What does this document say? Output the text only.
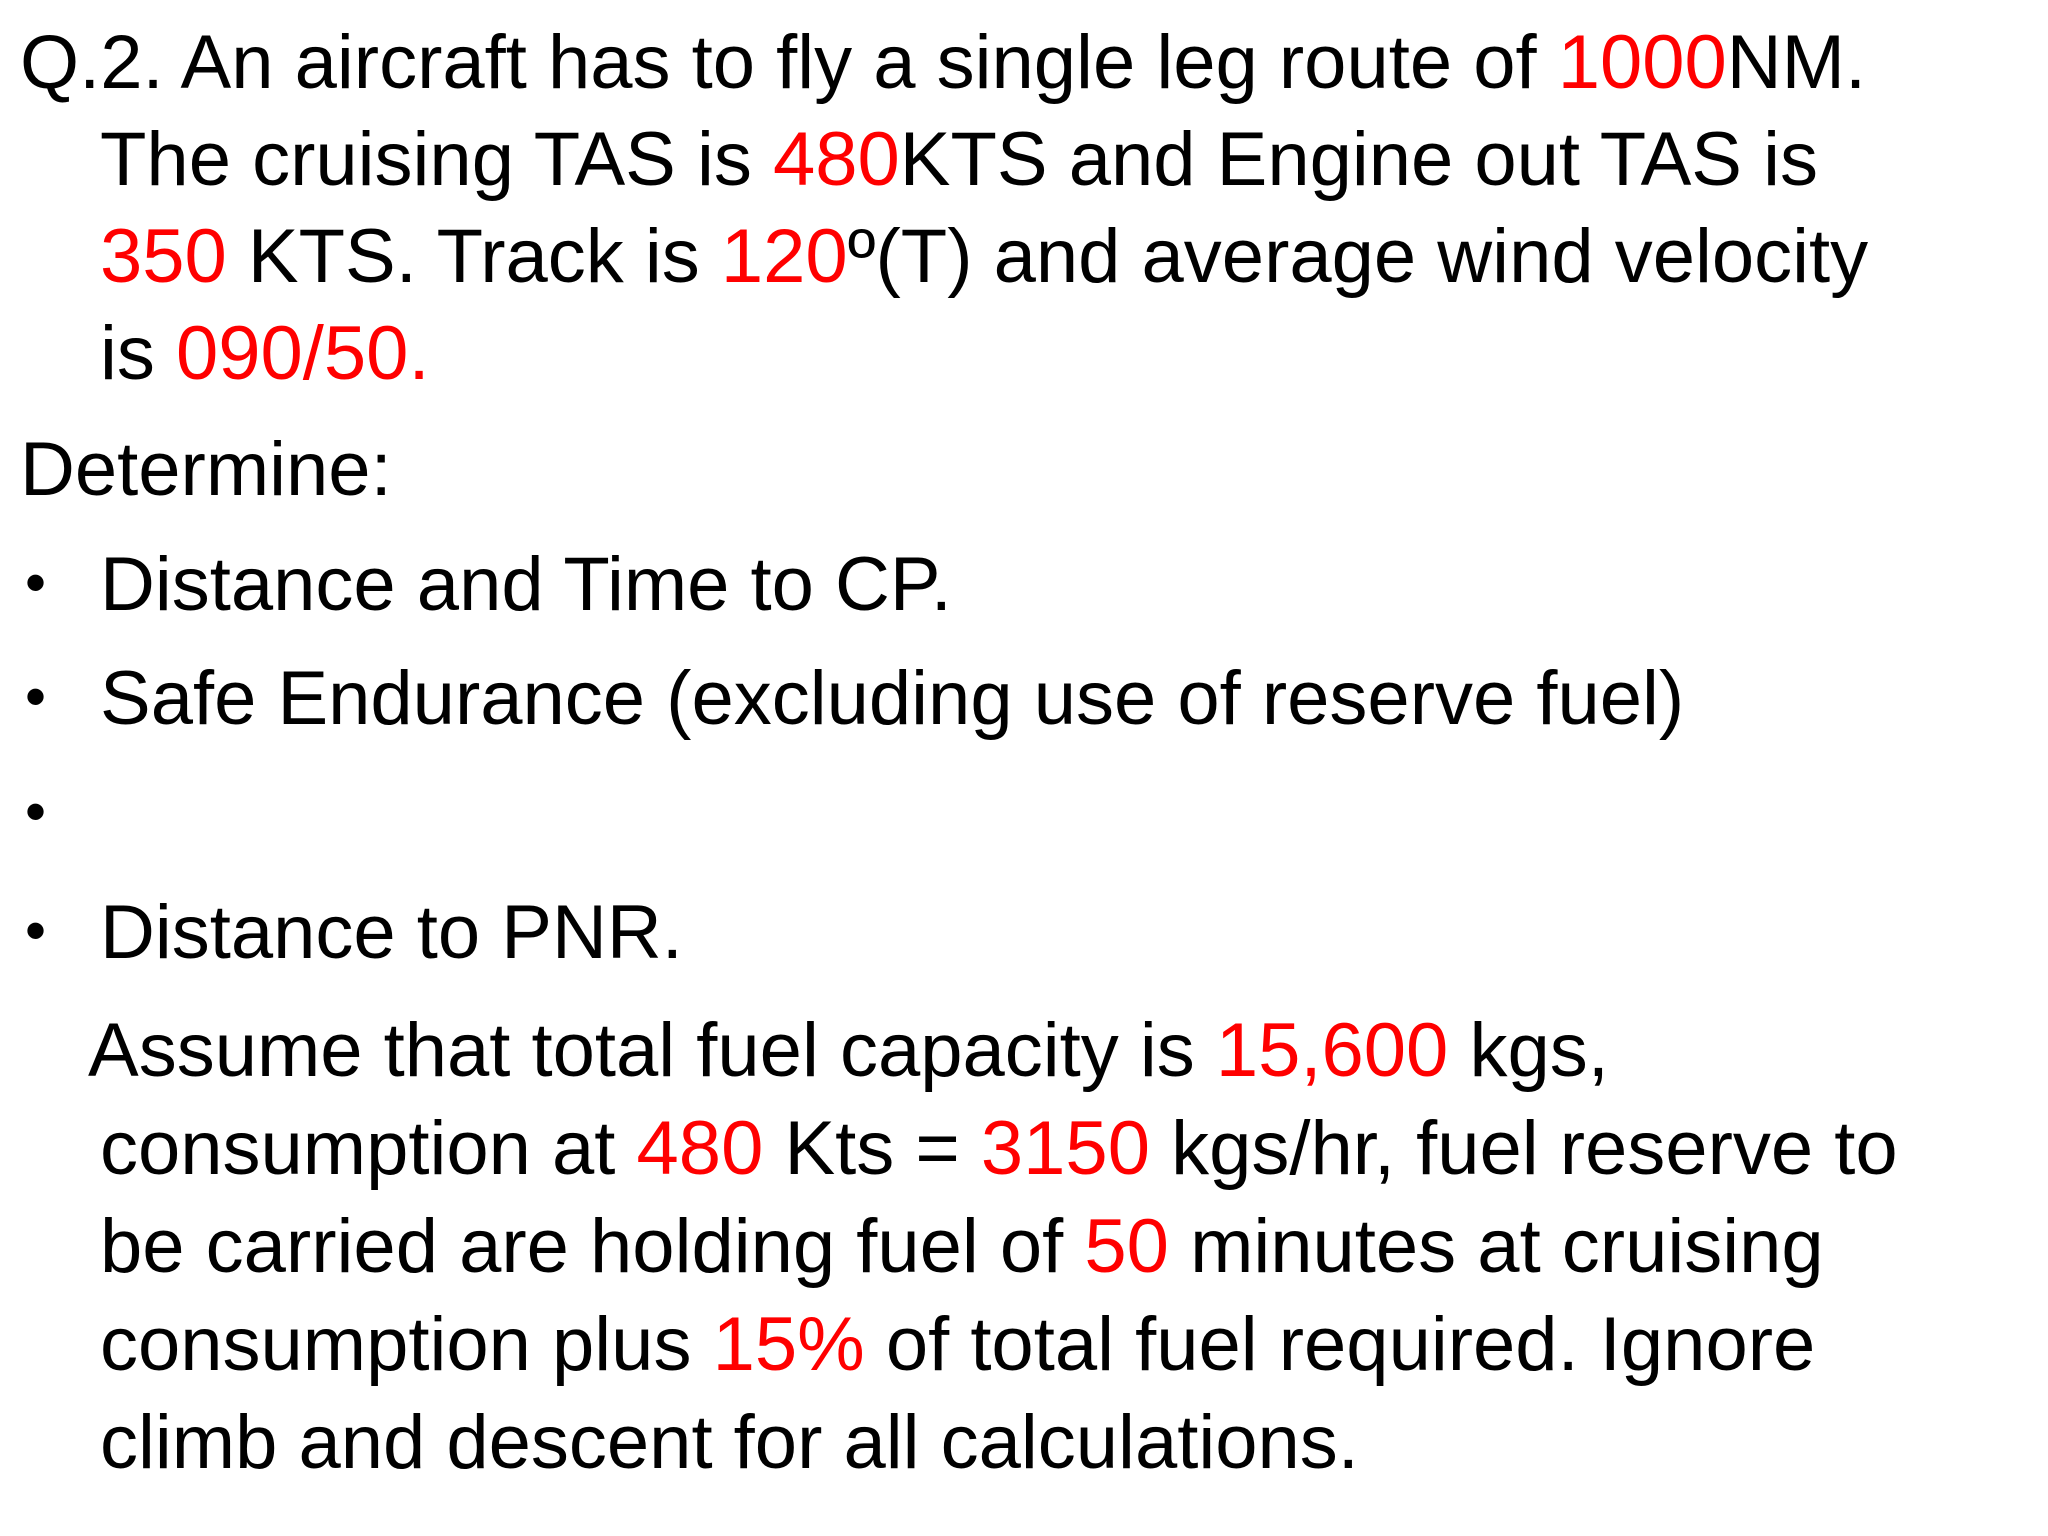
Q.2. An aircraft has to fly a single leg route of 1000NM.
The cruising TAS is 480KTS and Engine out TAS is
350 KTS. Track is 120º(T) and average wind velocity
is 090/50.
Determine:
• Distance and Time to CP.
• Safe Endurance (excluding use of reserve fuel)
•
• Distance to PNR.
Assume that total fuel capacity is 15,600 kgs,
consumption at 480 Kts = 3150 kgs/hr, fuel reserve to
be carried are holding fuel of 50 minutes at cruising
consumption plus 15% of total fuel required. Ignore
climb and descent for all calculations.
